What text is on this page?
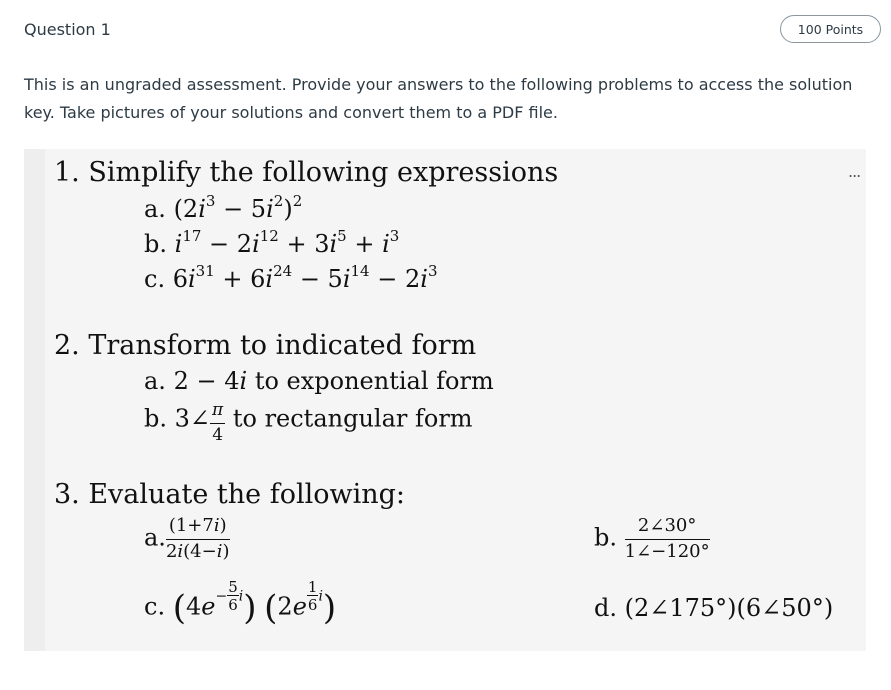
Question 1	100 Points
This is an ungraded assessment. Provide your answers to the following problems to access the solution key. Take pictures of your solutions and convert them to a PDF file.
...
1. Simplify the following expressions
a. $(2i^3 - 5i^2)^2$
b. $i^{17} - 2i^{12} + 3i^5 + i^3$
c. $6i^{31} + 6i^{24} - 5i^{14} - 2i^3$
2. Transform to indicated form
a. 2 − 4i to exponential form
b. 3∠ $\frac{\pi}{4}$ to rectangular form
3. Evaluate the following:
a. $\frac{(1+7i)}{2i(4-i)}$	b. $\frac{2\angle 30^\circ}{1\angle-120^\circ}$
c. $(4e- \frac{5}{6} i)$ $(2e \frac{1}{6} i)$	d. (2∠175°)(6∠50°)
